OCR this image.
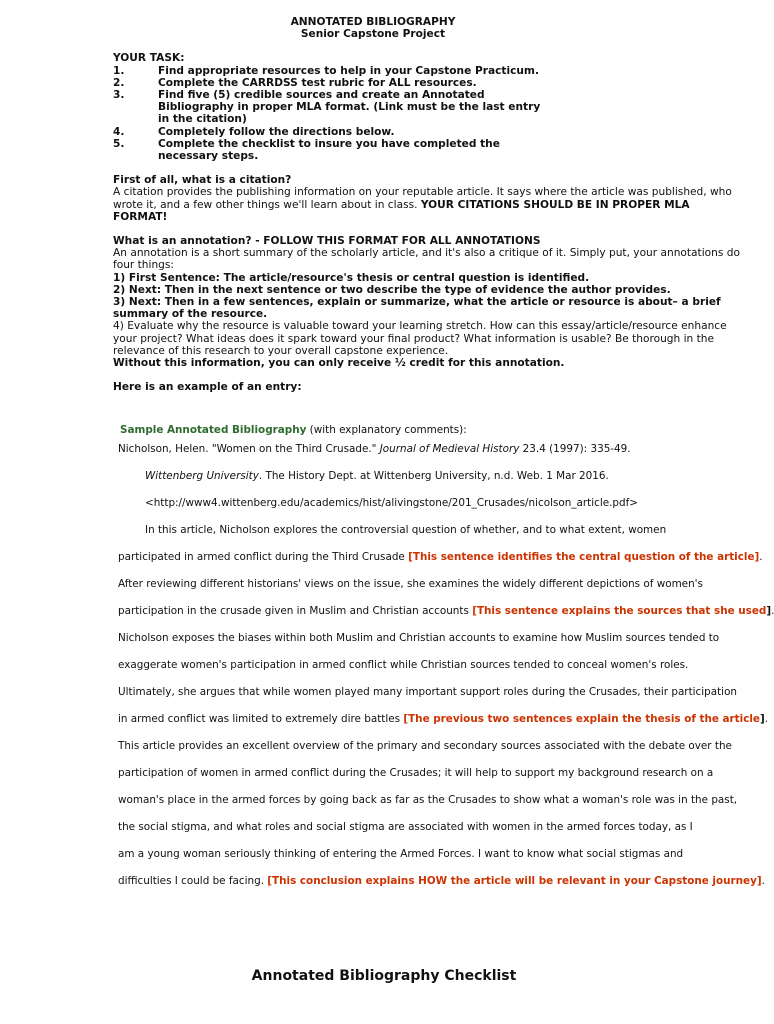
ANNOTATED BIBLIOGRAPHY
Senior Capstone Project
YOUR TASK:
1.	Find appropriate resources to help in your Capstone Practicum.
2.	Complete the CARRDSS test rubric for ALL resources.
3.	Find five (5) credible sources and create an Annotated Bibliography in proper MLA format. (Link must be the last entry in the citation)
4.	Completely follow the directions below.
5.	Complete the checklist to insure you have completed the necessary steps.
First of all, what is a citation?
A citation provides the publishing information on your reputable article. It says where the article was published, who wrote it, and a few other things we'll learn about in class. YOUR CITATIONS SHOULD BE IN PROPER MLA FORMAT!
What is an annotation? - FOLLOW THIS FORMAT FOR ALL ANNOTATIONS
An annotation is a short summary of the scholarly article, and it's also a critique of it. Simply put, your annotations do four things:
1) First Sentence: The article/resource's thesis or central question is identified.
2) Next: Then in the next sentence or two describe the type of evidence the author provides.
3) Next: Then in a few sentences, explain or summarize, what the article or resource is about– a brief summary of the resource.
4) Evaluate why the resource is valuable toward your learning stretch. How can this essay/article/resource enhance your project? What ideas does it spark toward your final product? What information is usable? Be thorough in the relevance of this research to your overall capstone experience.
Without this information, you can only receive ½ credit for this annotation.
Here is an example of an entry:
Sample Annotated Bibliography (with explanatory comments):
Nicholson, Helen. "Women on the Third Crusade." Journal of Medieval History 23.4 (1997): 335-49.
Wittenberg University. The History Dept. at Wittenberg University, n.d. Web. 1 Mar 2016.
<http://www4.wittenberg.edu/academics/hist/alivingstone/201_Crusades/nicolson_article.pdf>
In this article, Nicholson explores the controversial question of whether, and to what extent, women
participated in armed conflict during the Third Crusade [This sentence identifies the central question of the article].
After reviewing different historians' views on the issue, she examines the widely different depictions of women's
participation in the crusade given in Muslim and Christian accounts [This sentence explains the sources that she used]
Nicholson exposes the biases within both Muslim and Christian accounts to examine how Muslim sources tended to
exaggerate women's participation in armed conflict while Christian sources tended to conceal women's roles.
Ultimately, she argues that while women played many important support roles during the Crusades, their participation
in armed conflict was limited to extremely dire battles [The previous two sentences explain the thesis of the article].
This article provides an excellent overview of the primary and secondary sources associated with the debate over the
participation of women in armed conflict during the Crusades; it will help to support my background research on a
woman's place in the armed forces by going back as far as the Crusades to show what a woman's role was in the past,
the social stigma, and what roles and social stigma are associated with women in the armed forces today, as I
am a young woman seriously thinking of entering the Armed Forces. I want to know what social stigmas and
difficulties I could be facing. [This conclusion explains HOW the article will be relevant in your Capstone journey].
Annotated Bibliography Checklist
